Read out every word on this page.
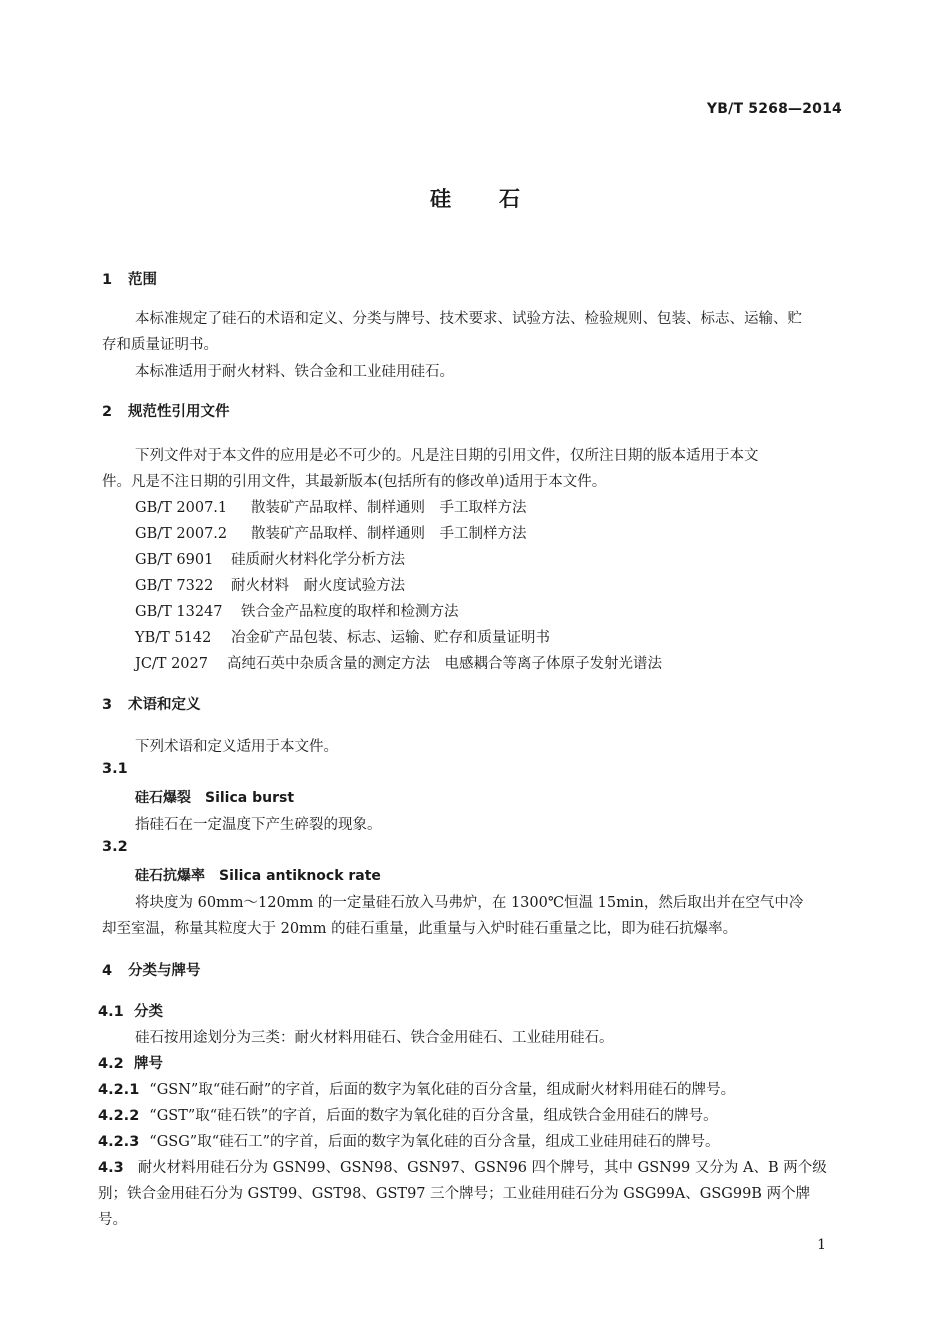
YB/T 5268—2014
硅石
1 范围
本标准规定了硅石的术语和定义、分类与牌号、技术要求、试验方法、检验规则、包装、标志、运输、贮
存和质量证明书。
本标准适用于耐火材料、铁合金和工业硅用硅石。
2 规范性引用文件
下列文件对于本文件的应用是必不可少的。凡是注日期的引用文件，仅所注日期的版本适用于本文
件。凡是不注日期的引用文件，其最新版本(包括所有的修改单)适用于本文件。
GB/T 2007.1 散装矿产品取样、制样通则　手工取样方法
GB/T 2007.2 散装矿产品取样、制样通则　手工制样方法
GB/T 6901 硅质耐火材料化学分析方法
GB/T 7322 耐火材料　耐火度试验方法
GB/T 13247 铁合金产品粒度的取样和检测方法
YB/T 5142 冶金矿产品包装、标志、运输、贮存和质量证明书
JC/T 2027 高纯石英中杂质含量的测定方法　电感耦合等离子体原子发射光谱法
3 术语和定义
下列术语和定义适用于本文件。
3.1
硅石爆裂 Silica burst
指硅石在一定温度下产生碎裂的现象。
3.2
硅石抗爆率 Silica antiknock rate
将块度为 60mm～120mm 的一定量硅石放入马弗炉，在 1300℃恒温 15min，然后取出并在空气中冷
却至室温，称量其粒度大于 20mm 的硅石重量，此重量与入炉时硅石重量之比，即为硅石抗爆率。
4 分类与牌号
4.1 分类
硅石按用途划分为三类：耐火材料用硅石、铁合金用硅石、工业硅用硅石。
4.2 牌号
4.2.1 “GSN”取“硅石耐”的字首，后面的数字为氧化硅的百分含量，组成耐火材料用硅石的牌号。
4.2.2 “GST”取“硅石铁”的字首，后面的数字为氧化硅的百分含量，组成铁合金用硅石的牌号。
4.2.3 “GSG”取“硅石工”的字首，后面的数字为氧化硅的百分含量，组成工业硅用硅石的牌号。
4.3 耐火材料用硅石分为 GSN99、GSN98、GSN97、GSN96 四个牌号，其中 GSN99 又分为 A、B 两个级
别；铁合金用硅石分为 GST99、GST98、GST97 三个牌号；工业硅用硅石分为 GSG99A、GSG99B 两个牌
号。
1
